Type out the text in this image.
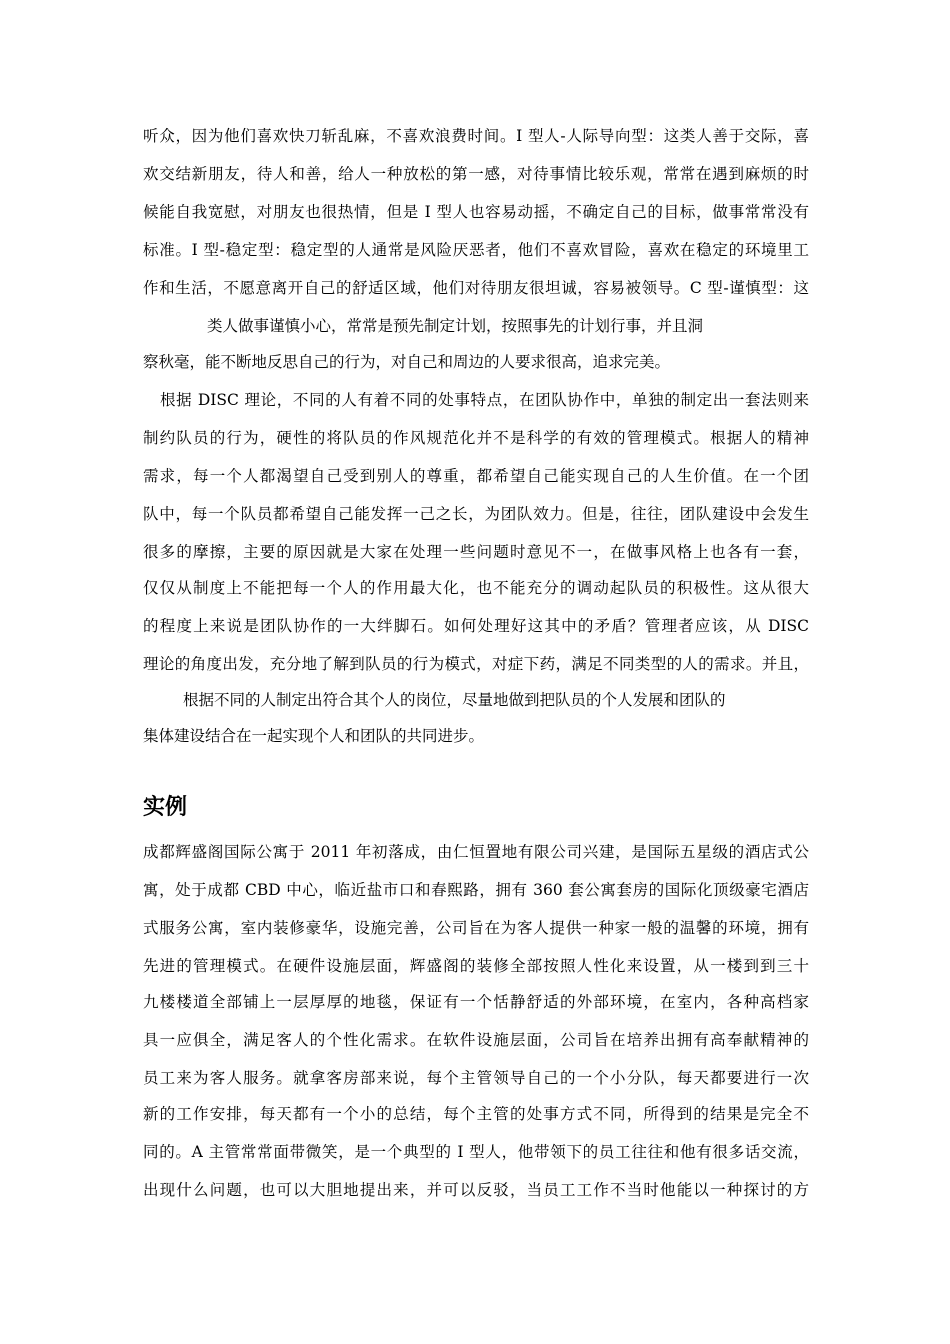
听众，因为他们喜欢快刀斩乱麻，不喜欢浪费时间。I 型人-人际导向型：这类人善于交际，喜
欢交结新朋友，待人和善，给人一种放松的第一感，对待事情比较乐观，常常在遇到麻烦的时
候能自我宽慰，对朋友也很热情，但是 I 型人也容易动摇，不确定自己的目标，做事常常没有
标准。I 型-稳定型：稳定型的人通常是风险厌恶者，他们不喜欢冒险，喜欢在稳定的环境里工
作和生活，不愿意离开自己的舒适区域，他们对待朋友很坦诚，容易被领导。C 型-谨慎型：这
类人做事谨慎小心，常常是预先制定计划，按照事先的计划行事，并且洞
察秋毫，能不断地反思自己的行为，对自己和周边的人要求很高，追求完美。
根据 DISC 理论，不同的人有着不同的处事特点，在团队协作中，单独的制定出一套法则来
制约队员的行为，硬性的将队员的作风规范化并不是科学的有效的管理模式。根据人的精神
需求，每一个人都渴望自己受到别人的尊重，都希望自己能实现自己的人生价值。在一个团
队中，每一个队员都希望自己能发挥一己之长，为团队效力。但是，往往，团队建设中会发生
很多的摩擦，主要的原因就是大家在处理一些问题时意见不一，在做事风格上也各有一套，
仅仅从制度上不能把每一个人的作用最大化，也不能充分的调动起队员的积极性。这从很大
的程度上来说是团队协作的一大绊脚石。如何处理好这其中的矛盾？管理者应该，从 DISC
理论的角度出发，充分地了解到队员的行为模式，对症下药，满足不同类型的人的需求。并且，
根据不同的人制定出符合其个人的岗位，尽量地做到把队员的个人发展和团队的
集体建设结合在一起实现个人和团队的共同进步。
实例
成都辉盛阁国际公寓于 2011 年初落成，由仁恒置地有限公司兴建，是国际五星级的酒店式公
寓，处于成都 CBD 中心，临近盐市口和春熙路，拥有 360 套公寓套房的国际化顶级豪宅酒店
式服务公寓，室内装修豪华，设施完善，公司旨在为客人提供一种家一般的温馨的环境，拥有
先进的管理模式。在硬件设施层面，辉盛阁的装修全部按照人性化来设置，从一楼到到三十
九楼楼道全部铺上一层厚厚的地毯，保证有一个恬静舒适的外部环境，在室内，各种高档家
具一应俱全，满足客人的个性化需求。在软件设施层面，公司旨在培养出拥有高奉献精神的
员工来为客人服务。就拿客房部来说，每个主管领导自己的一个小分队，每天都要进行一次
新的工作安排，每天都有一个小的总结，每个主管的处事方式不同，所得到的结果是完全不
同的。A 主管常常面带微笑，是一个典型的 I 型人，他带领下的员工往往和他有很多话交流，
出现什么问题，也可以大胆地提出来，并可以反驳，当员工工作不当时他能以一种探讨的方
